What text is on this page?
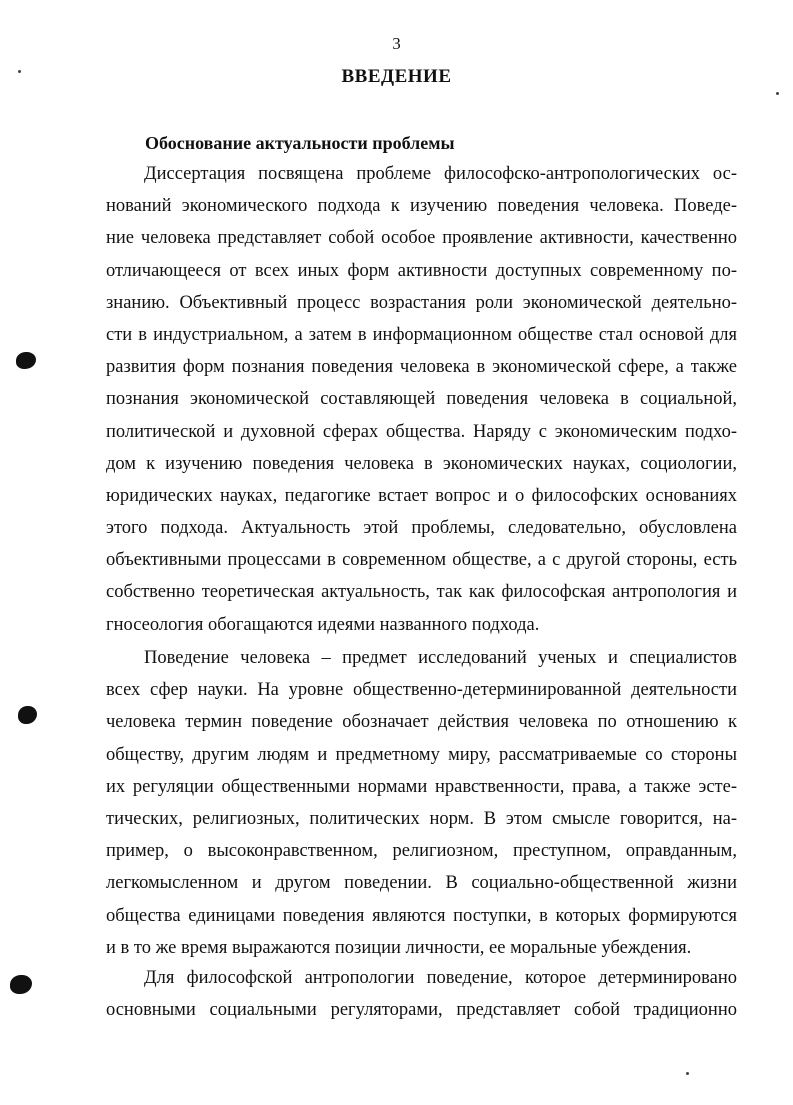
3
ВВЕДЕНИЕ
Обоснование актуальности проблемы
Диссертация посвящена проблеме философско-антропологических ос-
нований экономического подхода к изучению поведения человека. Поведе-
ние человека представляет собой особое проявление активности, качественно
отличающееся от всех иных форм активности доступных современному по-
знанию. Объективный процесс возрастания роли экономической деятельно-
сти в индустриальном, а затем в информационном обществе стал основой для
развития форм познания поведения человека в экономической сфере, а также
познания экономической составляющей поведения человека в социальной,
политической и духовной сферах общества. Наряду с экономическим подхо-
дом к изучению поведения человека в экономических науках, социологии,
юридических науках, педагогике встает вопрос и о философских основаниях
этого подхода. Актуальность этой проблемы, следовательно, обусловлена
объективными процессами в современном обществе, а с другой стороны, есть
собственно теоретическая актуальность, так как философская антропология и
гносеология обогащаются идеями названного подхода.
Поведение человека – предмет исследований ученых и специалистов
всех сфер науки. На уровне общественно-детерминированной деятельности
человека термин поведение обозначает действия человека по отношению к
обществу, другим людям и предметному миру, рассматриваемые со стороны
их регуляции общественными нормами нравственности, права, а также эсте-
тических, религиозных, политических норм. В этом смысле говорится, на-
пример, о высоконравственном, религиозном, преступном, оправданным,
легкомысленном и другом поведении. В социально-общественной жизни
общества единицами поведения являются поступки, в которых формируются
и в то же время выражаются позиции личности, ее моральные убеждения.
Для философской антропологии поведение, которое детерминировано
основными социальными регуляторами, представляет собой традиционно
